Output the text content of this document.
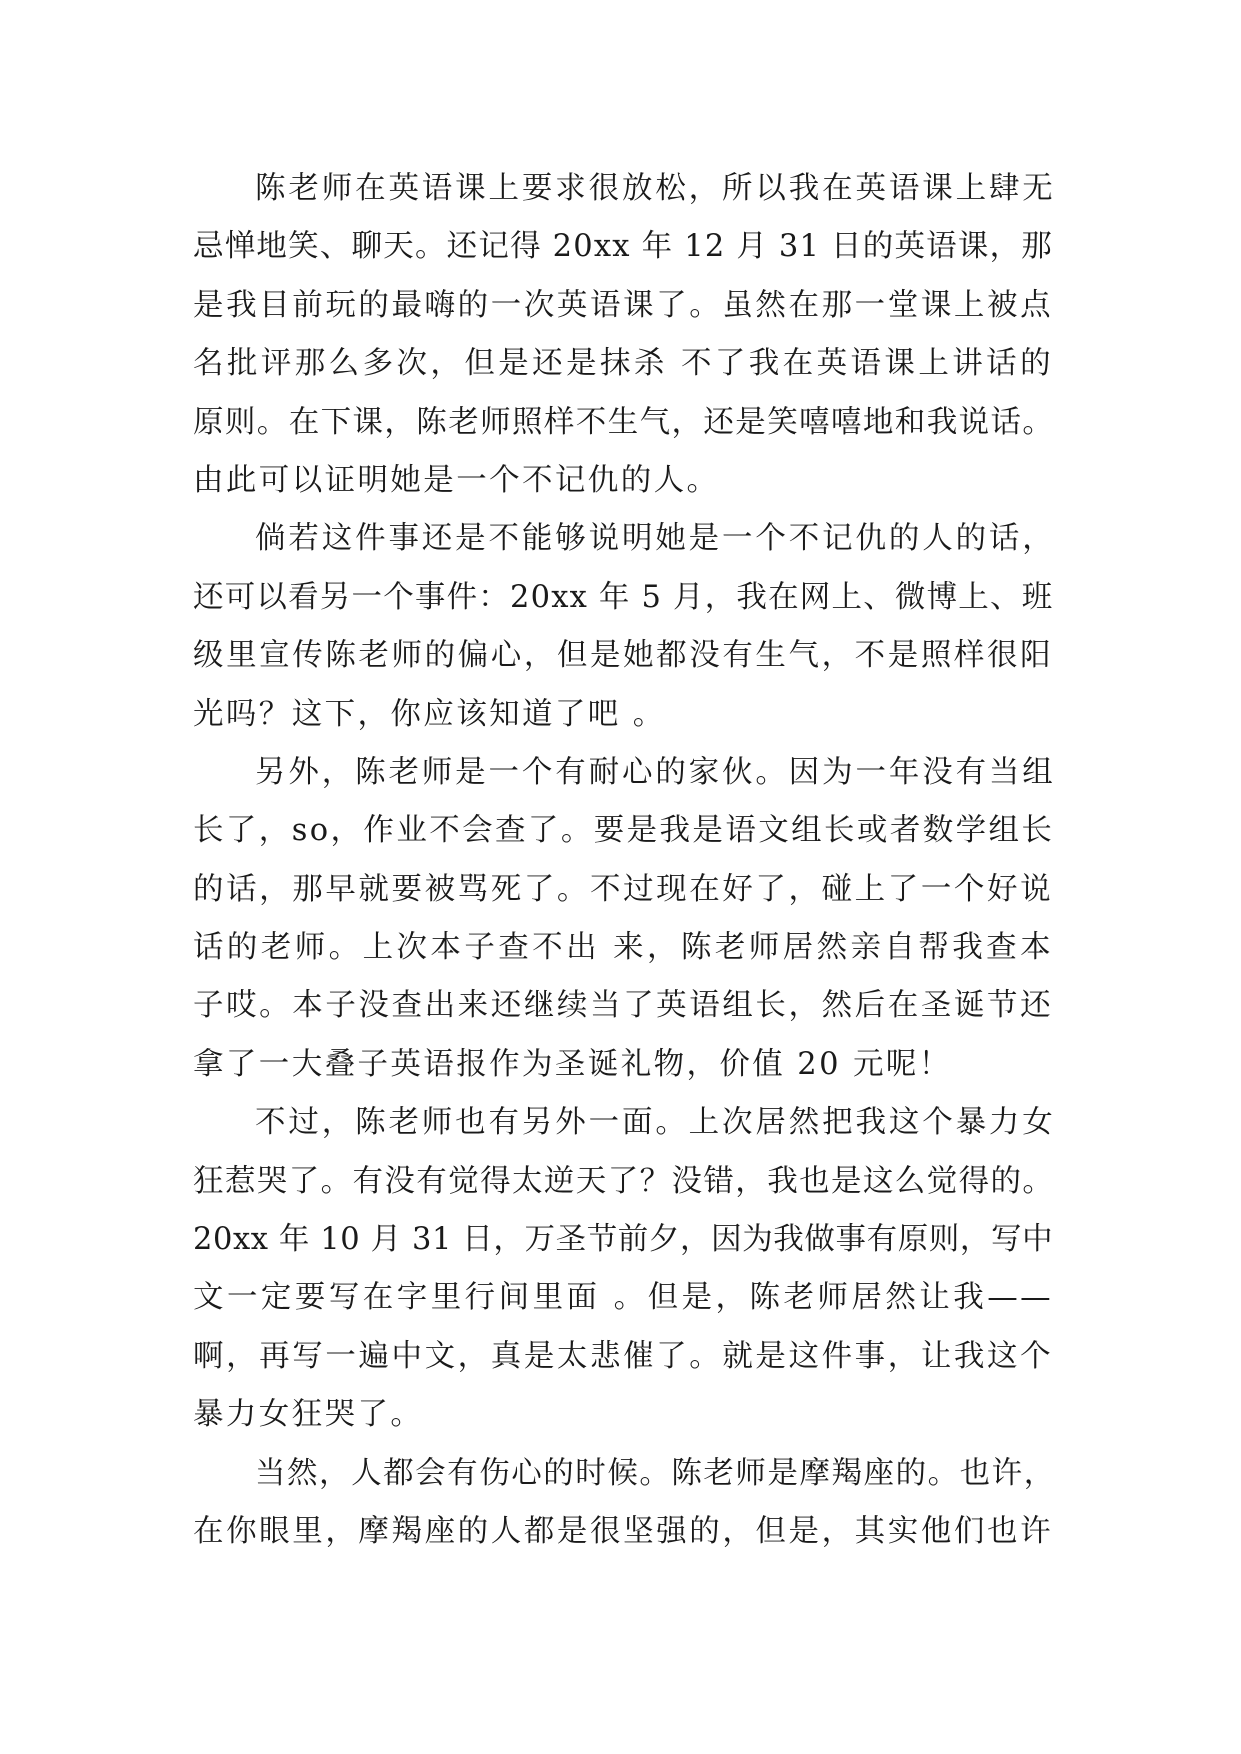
陈老师在英语课上要求很放松，所以我在英语课上肆无
忌惮地笑、聊天。还记得 20xx 年 12 月 31 日的英语课，那
是我目前玩的最嗨的一次英语课了。虽然在那一堂课上被点
名批评那么多次，但是还是抹杀 不了我在英语课上讲话的
原则。在下课，陈老师照样不生气，还是笑嘻嘻地和我说话。
由此可以证明她是一个不记仇的人。
倘若这件事还是不能够说明她是一个不记仇的人的话，
还可以看另一个事件：20xx 年 5 月，我在网上、微博上、班
级里宣传陈老师的偏心，但是她都没有生气，不是照样很阳
光吗？这下，你应该知道了吧 。
另外，陈老师是一个有耐心的家伙。因为一年没有当组
长了，so，作业不会查了。要是我是语文组长或者数学组长
的话，那早就要被骂死了。不过现在好了，碰上了一个好说
话的老师。上次本子查不出 来，陈老师居然亲自帮我查本
子哎。本子没查出来还继续当了英语组长，然后在圣诞节还
拿了一大叠子英语报作为圣诞礼物，价值 20 元呢！
不过，陈老师也有另外一面。上次居然把我这个暴力女
狂惹哭了。有没有觉得太逆天了？没错，我也是这么觉得的。
20xx 年 10 月 31 日，万圣节前夕，因为我做事有原则，写中
文一定要写在字里行间里面 。但是，陈老师居然让我——
啊，再写一遍中文，真是太悲催了。就是这件事，让我这个
暴力女狂哭了。
当然，人都会有伤心的时候。陈老师是摩羯座的。也许，
在你眼里，摩羯座的人都是很坚强的，但是，其实他们也许
